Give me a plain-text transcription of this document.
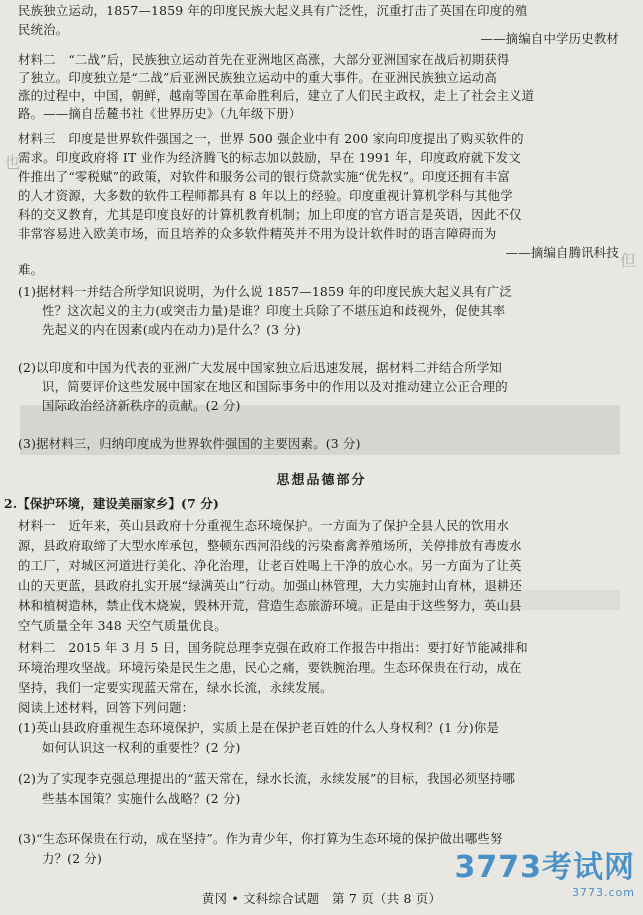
也
但
民族独立运动，1857—1859 年的印度民族大起义具有广泛性，沉重打击了英国在印度的殖
民统治。
——摘编自中学历史教材
材料二　“二战”后，民族独立运动首先在亚洲地区高涨，大部分亚洲国家在战后初期获得
了独立。印度独立是“二战”后亚洲民族独立运动中的重大事件。在亚洲民族独立运动高
涨的过程中，中国，朝鲜，越南等国在革命胜利后，建立了人们民主政权，走上了社会主义道
路。——摘自岳麓书社《世界历史》（九年级下册）
材料三　印度是世界软件强国之一，世界 500 强企业中有 200 家向印度提出了购买软件的
需求。印度政府将 IT 业作为经济腾飞的标志加以鼓励，早在 1991 年，印度政府就下发文
件推出了“零税赋”的政策，对软件和服务公司的银行贷款实施“优先权”。印度还拥有丰富
的人才资源，大多数的软件工程师都具有 8 年以上的经验。印度重视计算机学科与其他学
科的交叉教育，尤其是印度良好的计算机教育机制；加上印度的官方语言是英语，因此不仅
非常容易进入欧美市场，而且培养的众多软件精英并不用为设计软件时的语言障碍而为
——摘编自腾讯科技
难。
(1)据材料一并结合所学知识说明，为什么说 1857—1859 年的印度民族大起义具有广泛
性？这次起义的主力(或突击力量)是谁？印度土兵除了不堪压迫和歧视外，促使其率
先起义的内在因素(或内在动力)是什么？(3 分)
(2)以印度和中国为代表的亚洲广大发展中国家独立后迅速发展，据材料二并结合所学知
识，简要评价这些发展中国家在地区和国际事务中的作用以及对推动建立公正合理的
国际政治经济新秩序的贡献。(2 分)
(3)据材料三，归纳印度成为世界软件强国的主要因素。(3 分)
思想品德部分
2.【保护环境，建设美丽家乡】(7 分)
材料一　近年来，英山县政府十分重视生态环境保护。一方面为了保护全县人民的饮用水
源，县政府取缔了大型水库承包，整顿东西河沿线的污染畜禽养殖场所，关停排放有毒废水
的工厂，对城区河道进行美化、净化治理，让老百姓喝上干净的放心水。另一方面为了让英
山的天更蓝，县政府扎实开展“绿满英山”行动。加强山林管理，大力实施封山育林，退耕还
林和植树造林，禁止伐木烧炭，毁林开荒，营造生态旅游环境。正是由于这些努力，英山县
空气质量全年 348 天空气质量优良。
材料二　2015 年 3 月 5 日，国务院总理李克强在政府工作报告中指出：要打好节能减排和
环境治理攻坚战。环境污染是民生之患，民心之痛，要铁腕治理。生态环保贵在行动，成在
坚持，我们一定要实现蓝天常在，绿水长流，永续发展。
阅读上述材料，回答下列问题：
(1)英山县政府重视生态环境保护，实质上是在保护老百姓的什么人身权利？(1 分)你是
如何认识这一权利的重要性？(2 分)
(2)为了实现李克强总理提出的“蓝天常在，绿水长流，永续发展”的目标，我国必须坚持哪
些基本国策？实施什么战略？(2 分)
(3)“生态环保贵在行动，成在坚持”。作为青少年，你打算为生态环境的保护做出哪些努
力？(2 分)
黄冈 • 文科综合试题　第 7 页（共 8 页）
3773考试网
3773.com
